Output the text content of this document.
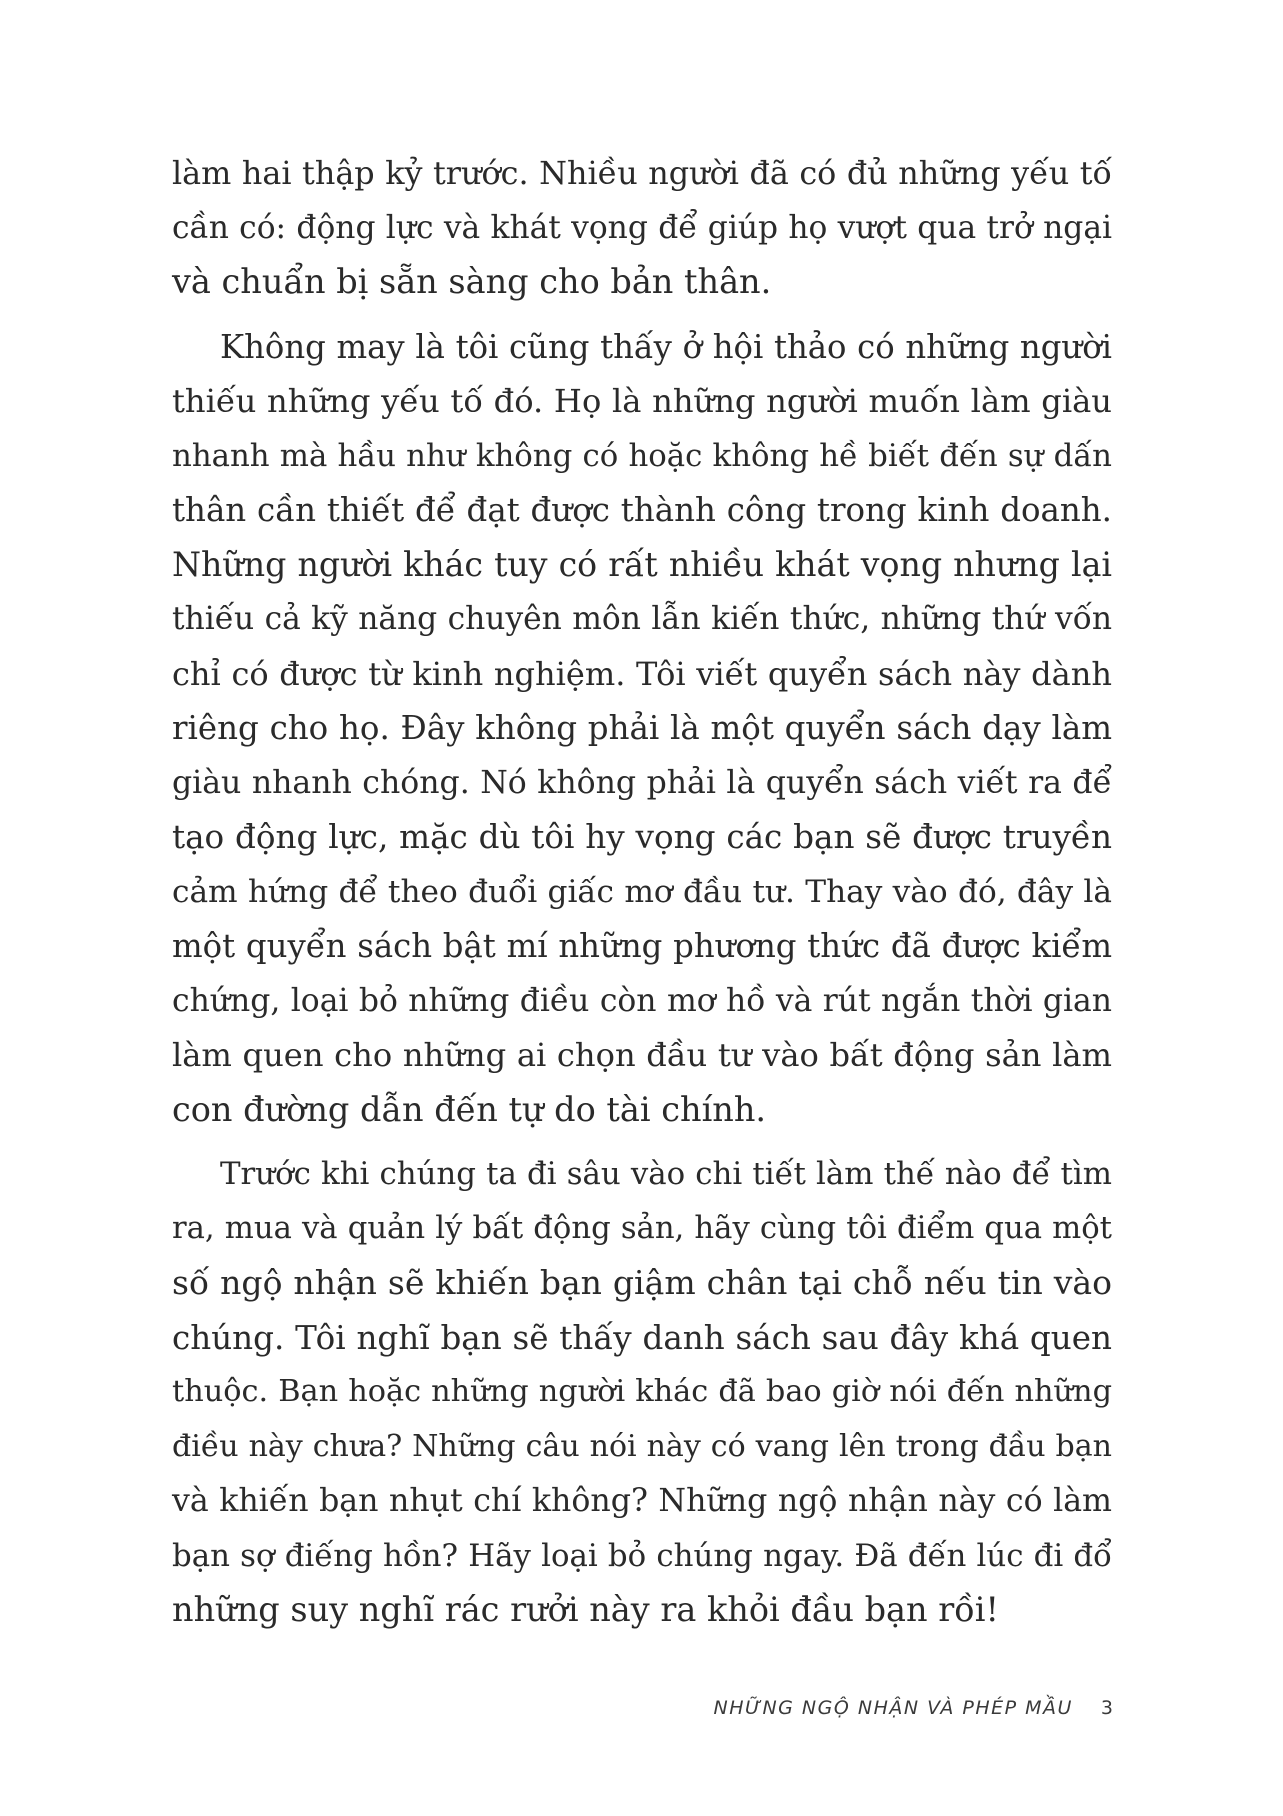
làm hai thập kỷ trước. Nhiều người đã có đủ những yếu tố
cần có: động lực và khát vọng để giúp họ vượt qua trở ngại
và chuẩn bị sẵn sàng cho bản thân.

Không may là tôi cũng thấy ở hội thảo có những người
thiếu những yếu tố đó. Họ là những người muốn làm giàu
nhanh mà hầu như không có hoặc không hề biết đến sự dấn
thân cần thiết để đạt được thành công trong kinh doanh.
Những người khác tuy có rất nhiều khát vọng nhưng lại
thiếu cả kỹ năng chuyên môn lẫn kiến thức, những thứ vốn
chỉ có được từ kinh nghiệm. Tôi viết quyển sách này dành
riêng cho họ. Đây không phải là một quyển sách dạy làm
giàu nhanh chóng. Nó không phải là quyển sách viết ra để
tạo động lực, mặc dù tôi hy vọng các bạn sẽ được truyền
cảm hứng để theo đuổi giấc mơ đầu tư. Thay vào đó, đây là
một quyển sách bật mí những phương thức đã được kiểm
chứng, loại bỏ những điều còn mơ hồ và rút ngắn thời gian
làm quen cho những ai chọn đầu tư vào bất động sản làm
con đường dẫn đến tự do tài chính.

Trước khi chúng ta đi sâu vào chi tiết làm thế nào để tìm
ra, mua và quản lý bất động sản, hãy cùng tôi điểm qua một
số ngộ nhận sẽ khiến bạn giậm chân tại chỗ nếu tin vào
chúng. Tôi nghĩ bạn sẽ thấy danh sách sau đây khá quen
thuộc. Bạn hoặc những người khác đã bao giờ nói đến những
điều này chưa? Những câu nói này có vang lên trong đầu bạn
và khiến bạn nhụt chí không? Những ngộ nhận này có làm
bạn sợ điếng hồn? Hãy loại bỏ chúng ngay. Đã đến lúc đi đổ
những suy nghĩ rác rưởi này ra khỏi đầu bạn rồi!

NHỮNG NGỘ NHẬN VÀ PHÉP MẦU 3
